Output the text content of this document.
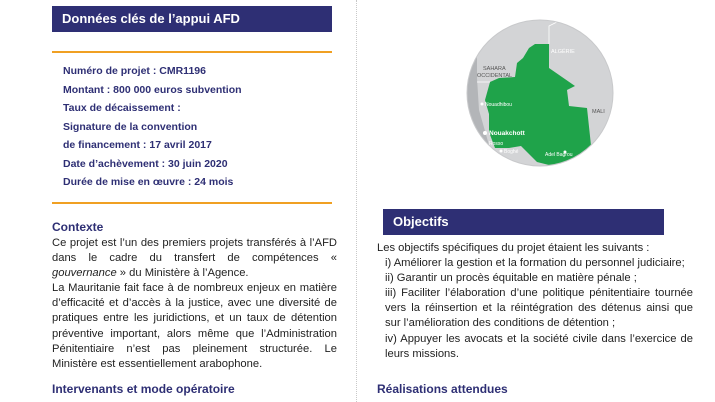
Données clés de l’appui AFD
Numéro de projet : CMR1196
Montant : 800 000 euros subvention
Taux de décaissement :
Signature de la convention
de financement : 17 avril 2017
Date d’achèvement : 30 juin 2020
Durée de mise en œuvre : 24 mois
Contexte

Ce projet est l’un des premiers projets transférés à l’AFD dans le cadre du transfert de compétences « gouvernance » du Ministère à l’Agence.

La Mauritanie fait face à de nombreux enjeux en matière d’efficacité et d’accès à la justice, avec une diversité de pratiques entre les juridictions, et un taux de détention préventive important, alors même que l’Administration Pénitentiaire n’est pas pleinement structurée. Le Ministère est essentiellement arabophone.

Intervenants et mode opératoire
ALGÉRIE
SAHARA
OCCIDENTAL
MALI
Nouadhibou
Nouakchott
Rosso
Boghé	Adel Bagrou
Objectifs
Les objectifs spécifiques du projet étaient les suivants :
i) Améliorer la gestion et la formation du personnel judiciaire;
ii) Garantir un procès équitable en matière pénale ;
iii) Faciliter l’élaboration d’une politique pénitentiaire tournée vers la réinsertion et la réintégration des détenus ainsi que sur l’amélioration des conditions de détention ;
iv) Appuyer les avocats et la société civile dans l’exercice de leurs missions.
Réalisations attendues
